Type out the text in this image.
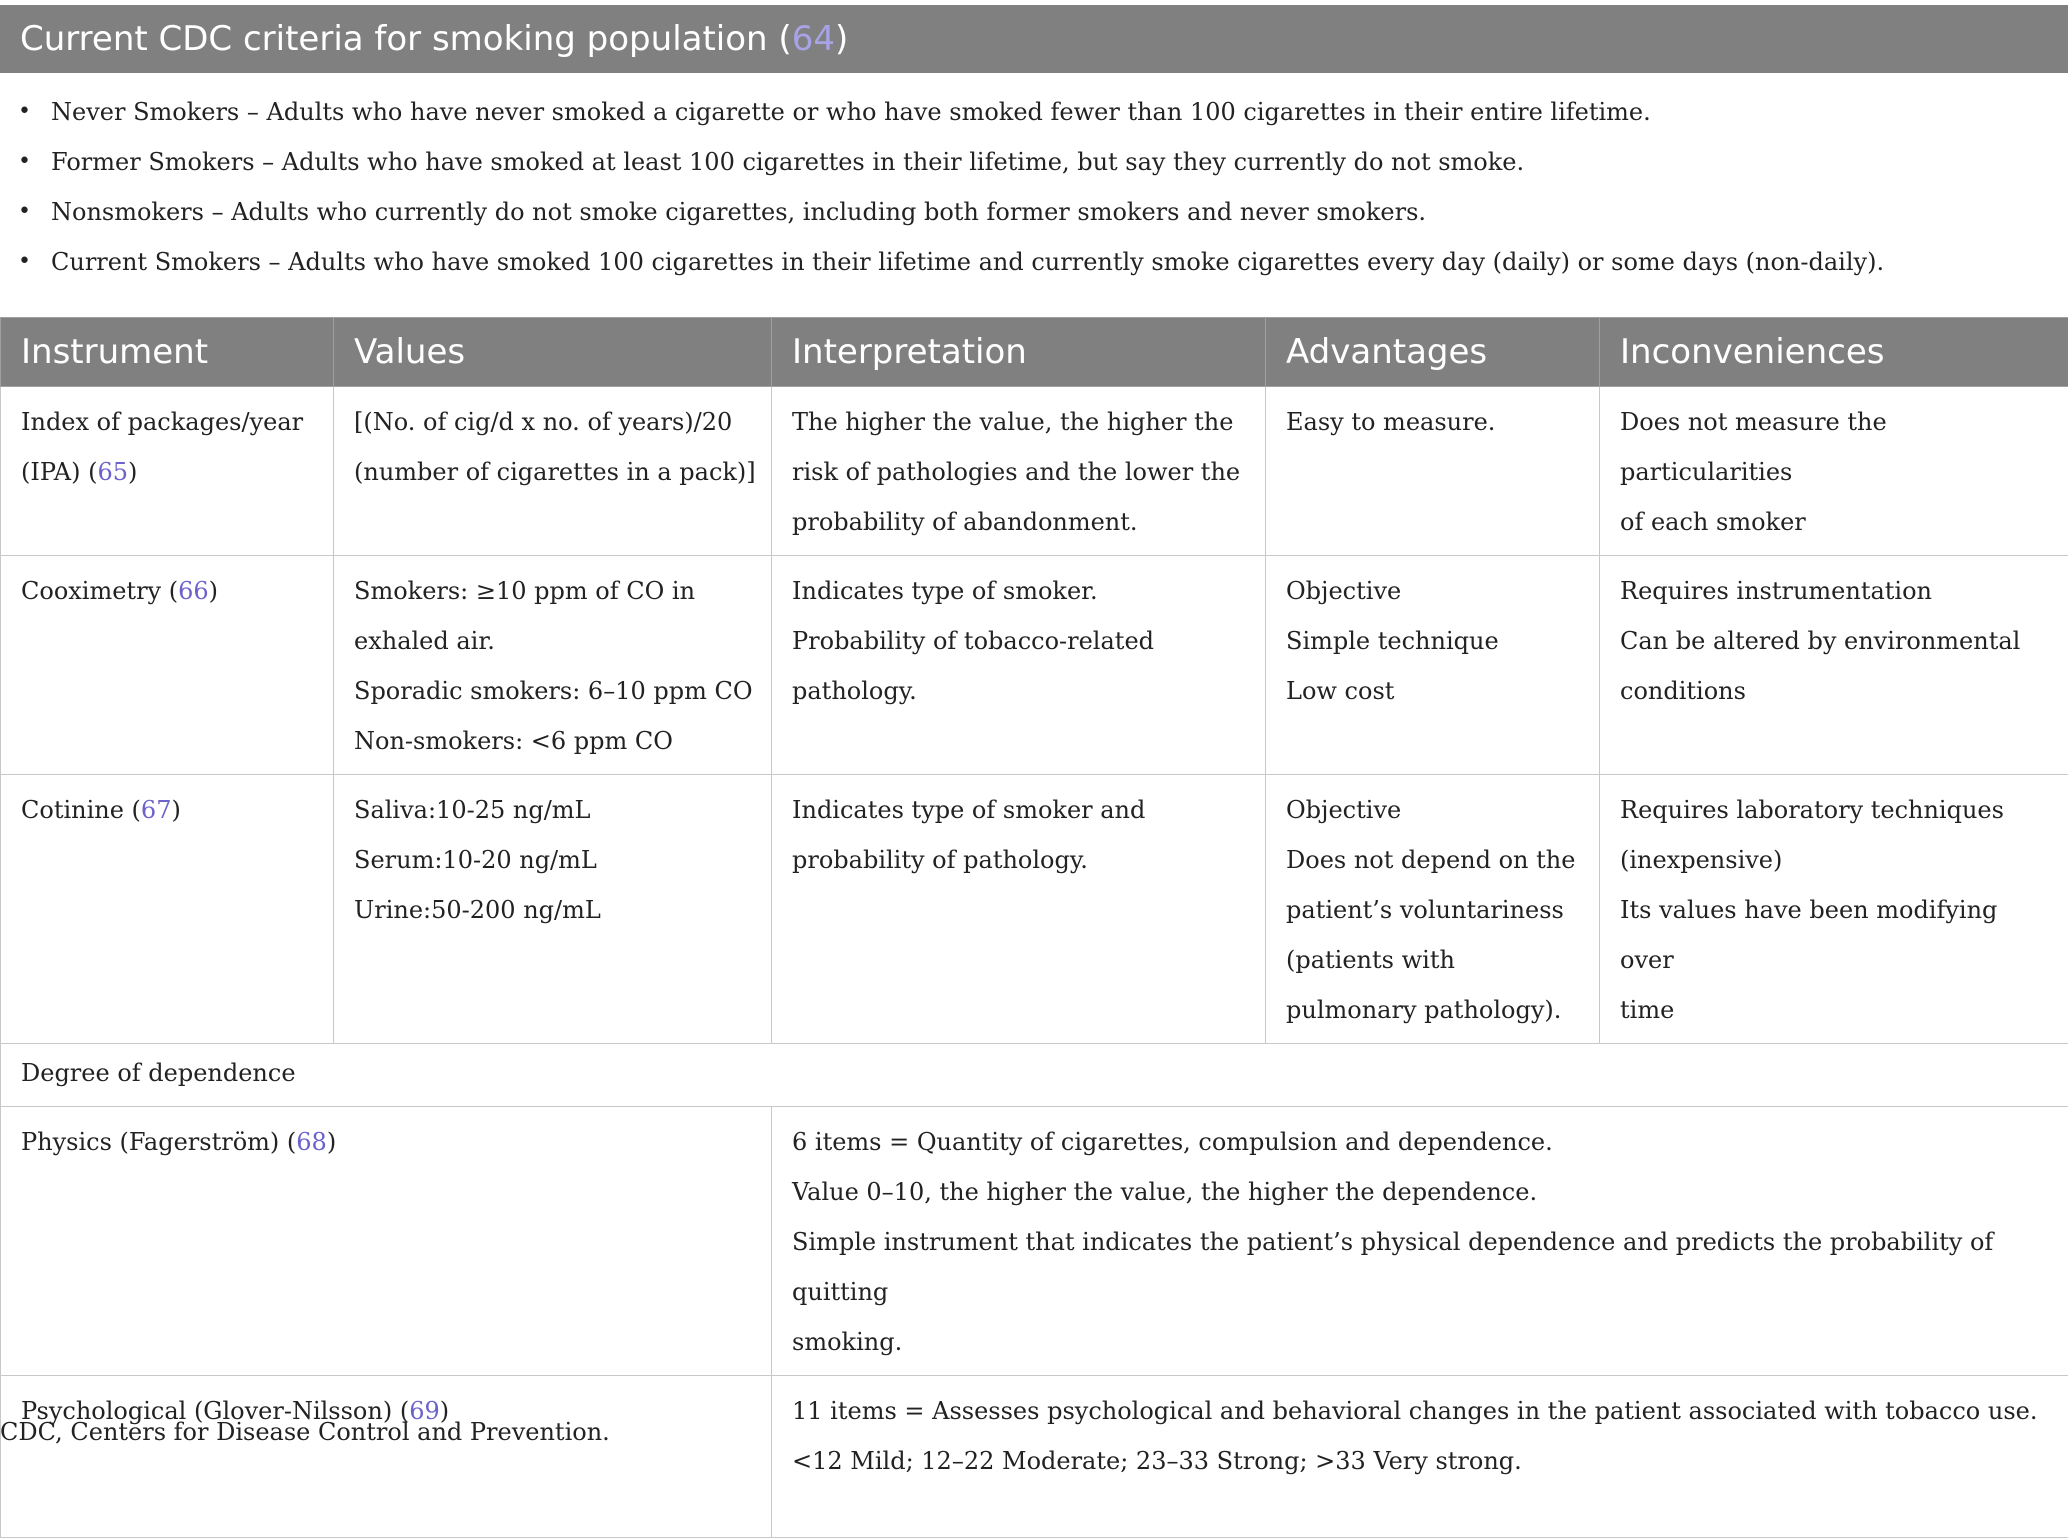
Current CDC criteria for smoking population (64)
• Never Smokers – Adults who have never smoked a cigarette or who have smoked fewer than 100 cigarettes in their entire lifetime.
• Former Smokers – Adults who have smoked at least 100 cigarettes in their lifetime, but say they currently do not smoke.
• Nonsmokers – Adults who currently do not smoke cigarettes, including both former smokers and never smokers.
• Current Smokers – Adults who have smoked 100 cigarettes in their lifetime and currently smoke cigarettes every day (daily) or some days (non-daily).
Instrument	Values	Interpretation	Advantages	Inconveniences

Index of packages/year
(IPA) (65)	[(No. of cig/d x no. of years)/20
(number of cigarettes in a pack)]	The higher the value, the higher the
risk of pathologies and the lower the
probability of abandonment.	Easy to measure.	Does not measure the particularities
of each smoker

Cooximetry (66)	Smokers: ≥10 ppm of CO in
exhaled air.
Sporadic smokers: 6–10 ppm CO
Non-smokers: <6 ppm CO	Indicates type of smoker.
Probability of tobacco-related
pathology.	Objective
Simple technique
Low cost	Requires instrumentation
Can be altered by environmental
conditions

Cotinine (67)	Saliva:10-25 ng/mL
Serum:10-20 ng/mL
Urine:50-200 ng/mL	Indicates type of smoker and
probability of pathology.	Objective
Does not depend on the
patient’s voluntariness
(patients with
pulmonary pathology).	Requires laboratory techniques
(inexpensive)
Its values have been modifying over
time

Degree of dependence				

Physics (Fagerström) (68)		6 items = Quantity of cigarettes, compulsion and dependence.
Value 0–10, the higher the value, the higher the dependence.
Simple instrument that indicates the patient’s physical dependence and predicts the probability of quitting
smoking.		

Psychological (Glover-Nilsson) (69)		11 items = Assesses psychological and behavioral changes in the patient associated with tobacco use.
<12 Mild; 12–22 Moderate; 23–33 Strong; >33 Very strong.		
CDC, Centers for Disease Control and Prevention.
